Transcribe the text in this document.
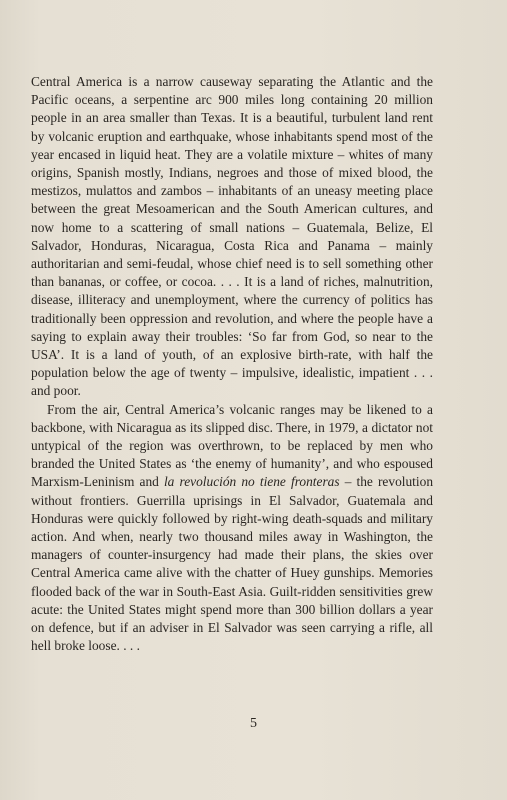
Central America is a narrow causeway separating the Atlantic and the Pacific oceans, a serpentine arc 900 miles long containing 20 million people in an area smaller than Texas. It is a beautiful, turbulent land rent by volcanic eruption and earthquake, whose inhabitants spend most of the year encased in liquid heat. They are a volatile mixture – whites of many origins, Spanish mostly, Indians, negroes and those of mixed blood, the mestizos, mulattos and zambos – inhabitants of an uneasy meeting place between the great Mesoamerican and the South American cultures, and now home to a scattering of small nations – Guatemala, Belize, El Salvador, Honduras, Nicaragua, Costa Rica and Panama – mainly authoritarian and semi-feudal, whose chief need is to sell something other than bananas, or coffee, or cocoa. . . . It is a land of riches, malnutrition, disease, illiteracy and unemployment, where the currency of politics has traditionally been oppression and revolution, and where the people have a saying to explain away their troubles: ‘So far from God, so near to the USA’. It is a land of youth, of an explosive birth-rate, with half the population below the age of twenty – impulsive, idealistic, impatient . . . and poor.

From the air, Central America’s volcanic ranges may be likened to a backbone, with Nicaragua as its slipped disc. There, in 1979, a dictator not untypical of the region was overthrown, to be replaced by men who branded the United States as ‘the enemy of humanity’, and who espoused Marxism-Leninism and la revolución no tiene fronteras – the revolution without frontiers. Guerrilla uprisings in El Salvador, Guatemala and Honduras were quickly followed by right-wing death-squads and military action. And when, nearly two thousand miles away in Washington, the managers of counter-insurgency had made their plans, the skies over Central America came alive with the chatter of Huey gunships. Memories flooded back of the war in South-East Asia. Guilt-ridden sensitivities grew acute: the United States might spend more than 300 billion dollars a year on defence, but if an adviser in El Salvador was seen carrying a rifle, all hell broke loose. . . .

5
